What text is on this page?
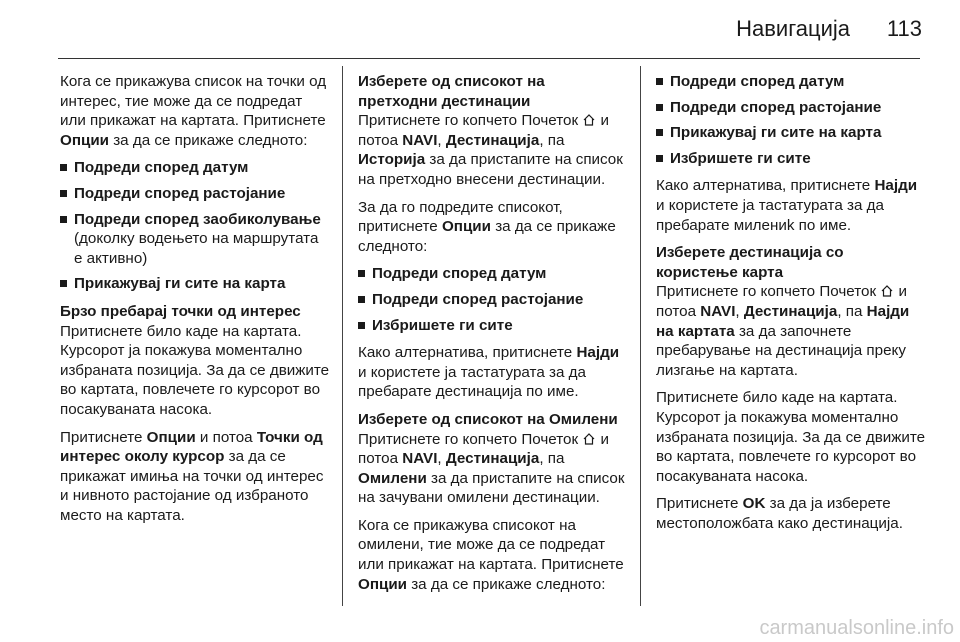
Навигација 113

Кога се прикажува список на точки од интерес, тие може да се подредат или прикажат на картата. Притиснете Опции за да се прикаже следното:

Подреди според датум
Подреди според растојание
Подреди според заобиколување
(доколку водењето на маршрутата е активно)
Прикажувај ги сите на карта
Брзо пребарај точки од интерес

Притиснете било каде на картата. Курсорот ја покажува моментално избраната позиција. За да се движите во картата, повлечете го курсорот во посакуваната насока.

Притиснете Опции и потоа Точки од интерес околу курсор за да се прикажат имиња на точки од интерес и нивното растојание од избраното место на картата.

Изберете од списокот на претходни дестинации

Притиснете го копчето Почеток  и потоа NAVI, Дестинација, па Историја за да пристапите на список на претходно внесени дестинации.

За да го подредите списокот, притиснете Опции за да се прикаже следното:

Подреди според датум
Подреди според растојание
Избришете ги сите

Како алтернатива, притиснете Најди и користете ја тастатурата за да пребарате дестинација по име.

Изберете од списокот на Омилени

Притиснете го копчето Почеток  и потоа NAVI, Дестинација, па Омилени за да пристапите на список на зачувани омилени дестинации.

Кога се прикажува списокот на омилени, тие може да се подредат или прикажат на картата. Притиснете Опции за да се прикаже следното:

Подреди според датум
Подреди според растојание
Прикажувај ги сите на карта
Избришете ги сите

Како алтернатива, притиснете Најди и користете ја тастатурата за да пребарате милениk по име.

Изберете дестинација со користење карта

Притиснете го копчето Почеток  и потоа NAVI, Дестинација, па Најди на картата за да започнете пребарување на дестинација преку лизгање на картата.

Притиснете било каде на картата. Курсорот ја покажува моментално избраната позиција. За да се движите во картата, повлечете го курсорот во посакуваната насока.

Притиснете OK за да ја изберете местоположбата како дестинација.

carmanualsonline.info
